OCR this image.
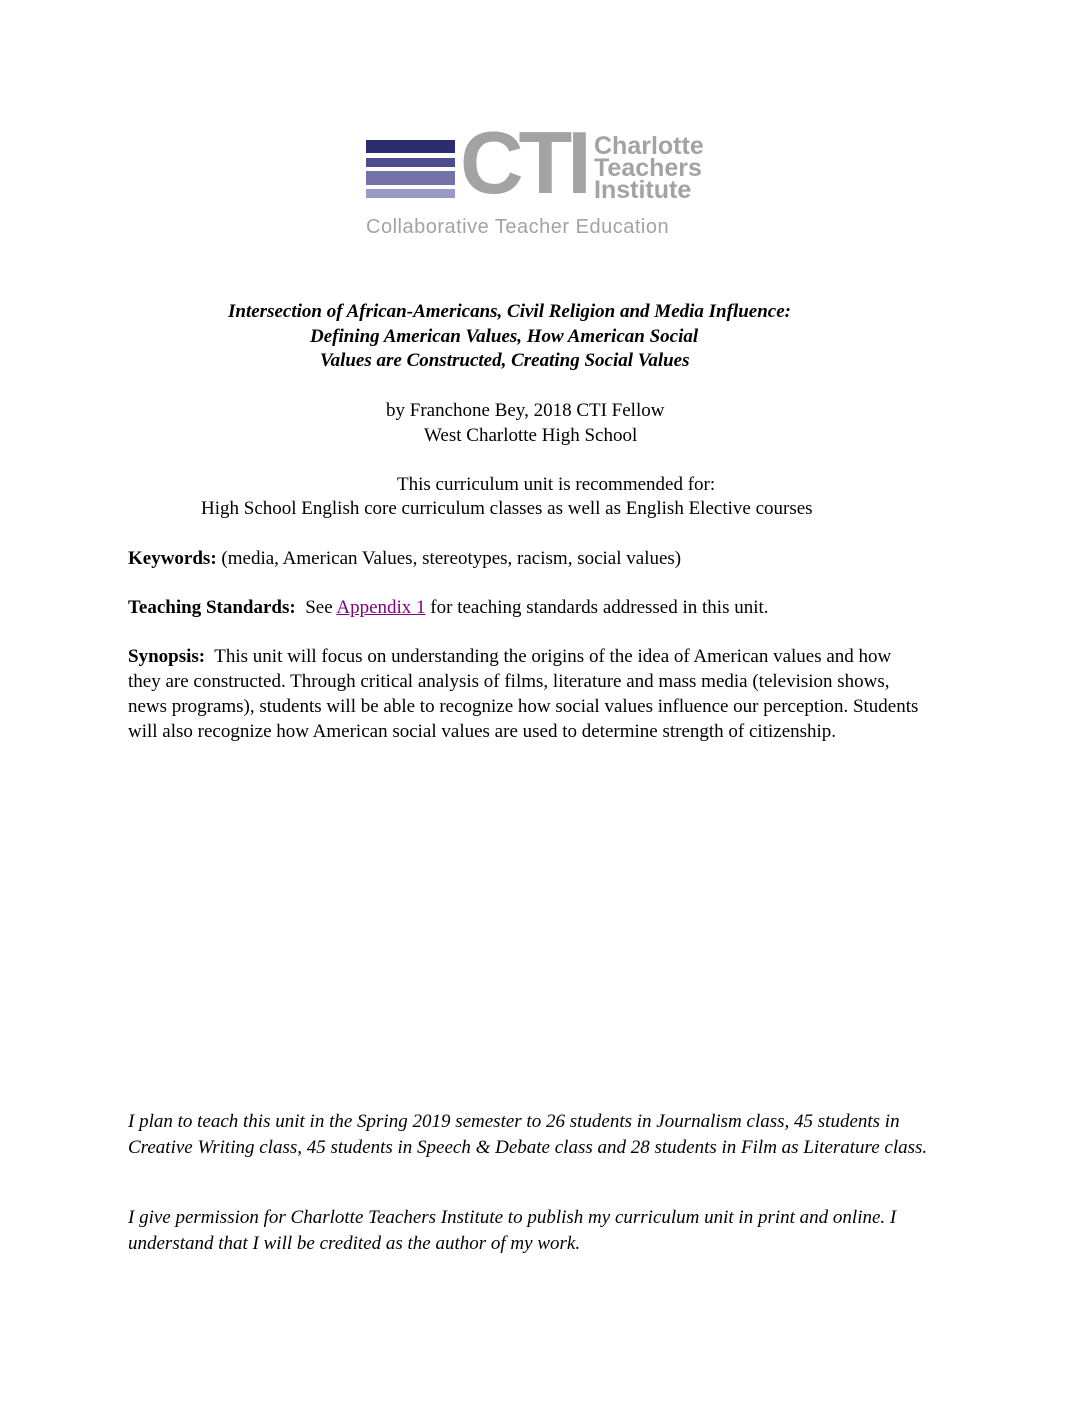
CTI Charlotte
Teachers
Institute
Collaborative Teacher Education
Intersection of African-Americans, Civil Religion and Media Influence:
Defining American Values, How American Social
Values are Constructed, Creating Social Values
by Franchone Bey, 2018 CTI Fellow
West Charlotte High School
This curriculum unit is recommended for:
High School English core curriculum classes as well as English Elective courses
Keywords: (media, American Values, stereotypes, racism, social values)
Teaching Standards:  See Appendix 1 for teaching standards addressed in this unit.
Synopsis:  This unit will focus on understanding the origins of the idea of American values and how they are constructed. Through critical analysis of films, literature and mass media (television shows, news programs), students will be able to recognize how social values influence our perception. Students will also recognize how American social values are used to determine strength of citizenship.
I plan to teach this unit in the Spring 2019 semester to 26 students in Journalism class, 45 students in Creative Writing class, 45 students in Speech & Debate class and 28 students in Film as Literature class.
I give permission for Charlotte Teachers Institute to publish my curriculum unit in print and online. I understand that I will be credited as the author of my work.
